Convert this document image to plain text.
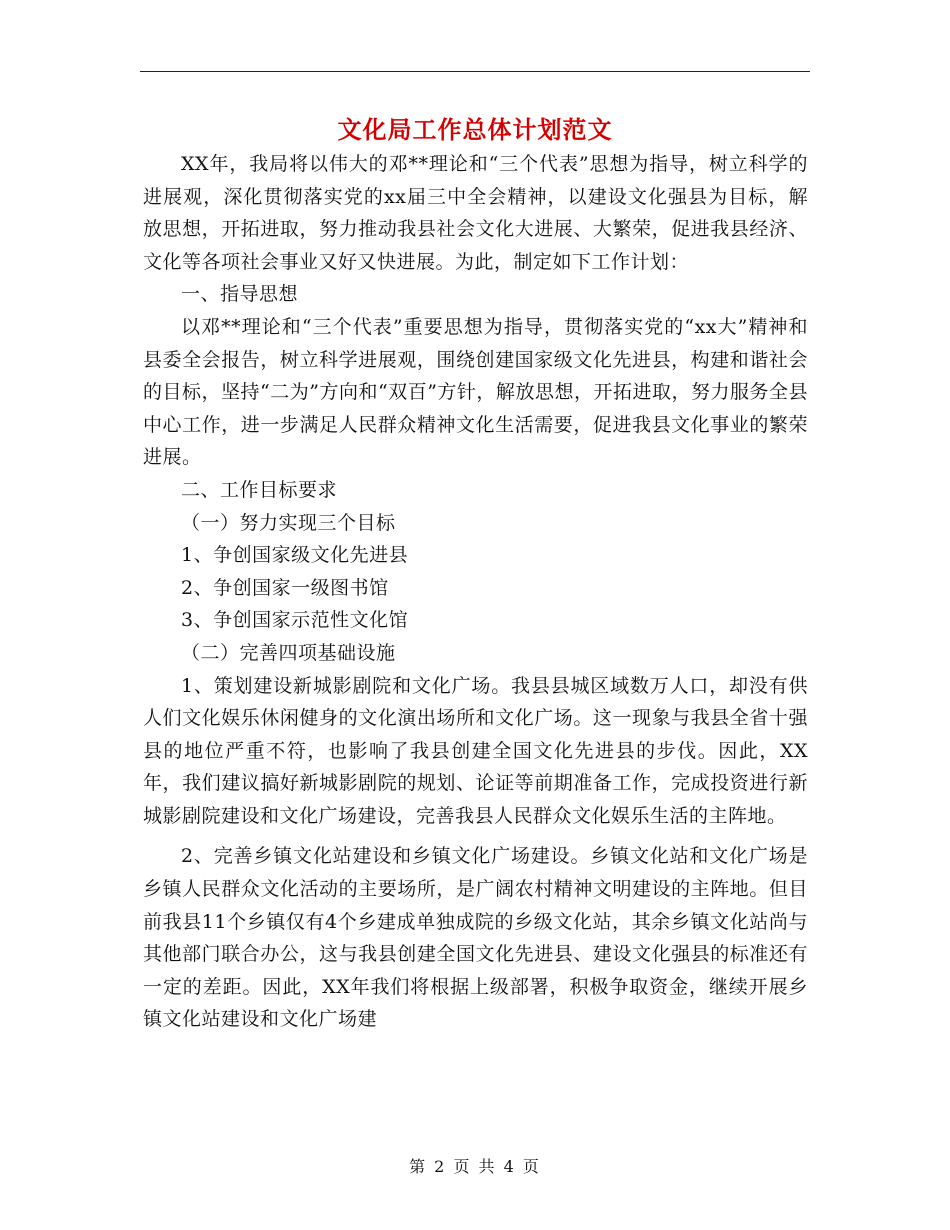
文化局工作总体计划范文

XX年，我局将以伟大的邓**理论和“三个代表”思想为指导，树立科学的进展观，深化贯彻落实党的xx届三中全会精神，以建设文化强县为目标，解放思想，开拓进取，努力推动我县社会文化大进展、大繁荣，促进我县经济、文化等各项社会事业又好又快进展。为此，制定如下工作计划：

一、指导思想

以邓**理论和“三个代表”重要思想为指导，贯彻落实党的“xx大”精神和县委全会报告，树立科学进展观，围绕创建国家级文化先进县，构建和谐社会的目标，坚持“二为”方向和“双百”方针，解放思想，开拓进取，努力服务全县中心工作，进一步满足人民群众精神文化生活需要，促进我县文化事业的繁荣进展。

二、工作目标要求

（一）努力实现三个目标

1、争创国家级文化先进县

2、争创国家一级图书馆

3、争创国家示范性文化馆

（二）完善四项基础设施

1、策划建设新城影剧院和文化广场。我县县城区域数万人口，却没有供人们文化娱乐休闲健身的文化演出场所和文化广场。这一现象与我县全省十强县的地位严重不符，也影响了我县创建全国文化先进县的步伐。因此，XX年，我们建议搞好新城影剧院的规划、论证等前期准备工作，完成投资进行新城影剧院建设和文化广场建设，完善我县人民群众文化娱乐生活的主阵地。

2、完善乡镇文化站建设和乡镇文化广场建设。乡镇文化站和文化广场是乡镇人民群众文化活动的主要场所，是广阔农村精神文明建设的主阵地。但目前我县11个乡镇仅有4个乡建成单独成院的乡级文化站，其余乡镇文化站尚与其他部门联合办公，这与我县创建全国文化先进县、建设文化强县的标准还有一定的差距。因此，XX年我们将根据上级部署，积极争取资金，继续开展乡镇文化站建设和文化广场建

第 2 页 共 4 页
